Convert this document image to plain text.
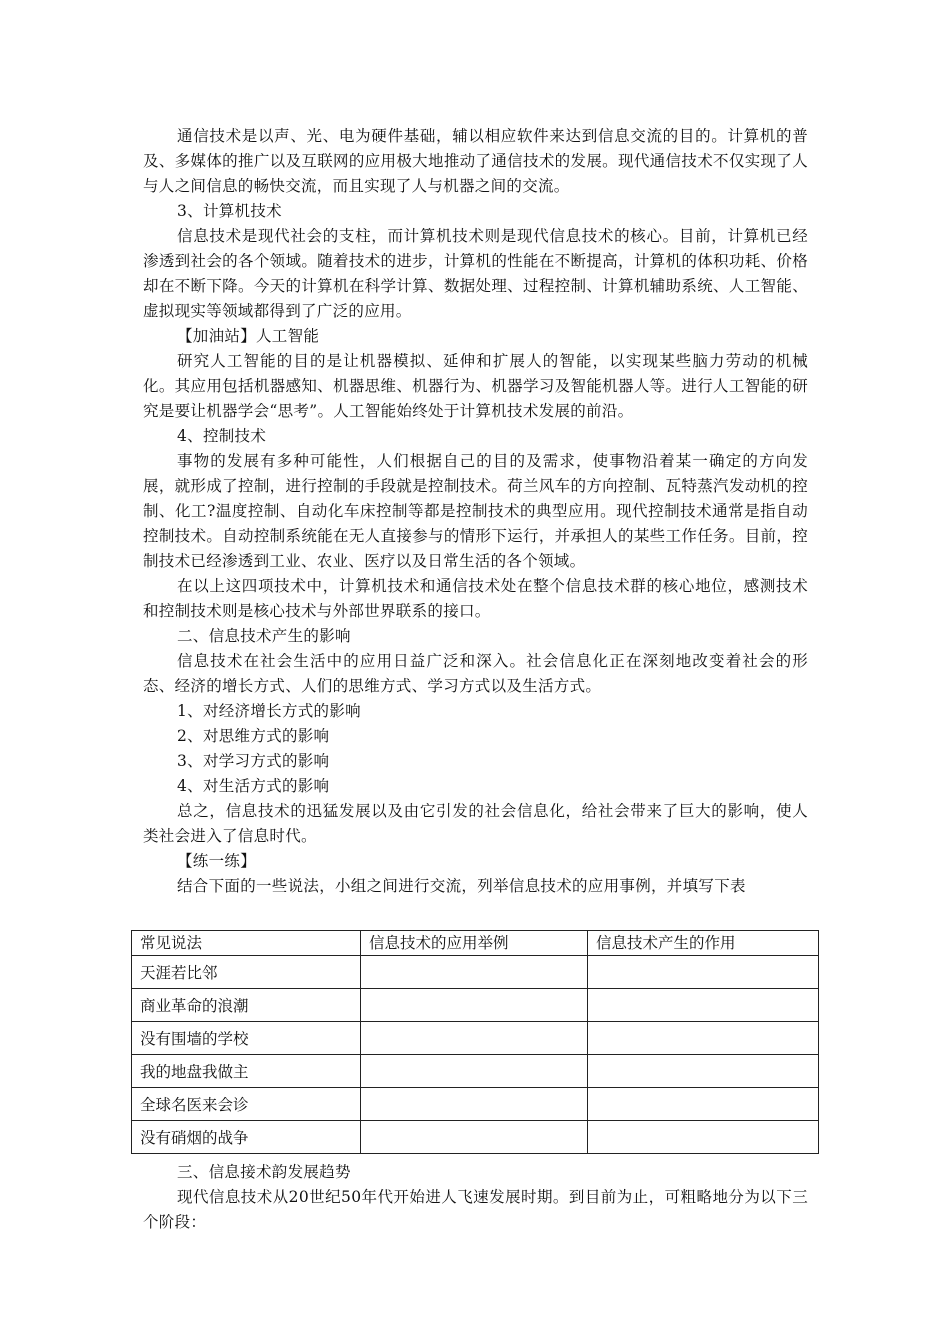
通信技术是以声、光、电为硬件基础，辅以相应软件来达到信息交流的目的。计算机的普及、多媒体的推广以及互联网的应用极大地推动了通信技术的发展。现代通信技术不仅实现了人与人之间信息的畅快交流，而且实现了人与机器之间的交流。

3、计算机技术

信息技术是现代社会的支柱，而计算机技术则是现代信息技术的核心。目前，计算机已经渗透到社会的各个领域。随着技术的进步，计算机的性能在不断提高，计算机的体积功耗、价格却在不断下降。今天的计算机在科学计算、数据处理、过程控制、计算机辅助系统、人工智能、虚拟现实等领域都得到了广泛的应用。

【加油站】人工智能

研究人工智能的目的是让机器模拟、延伸和扩展人的智能，以实现某些脑力劳动的机械化。其应用包括机器感知、机器思维、机器行为、机器学习及智能机器人等。进行人工智能的研究是要让机器学会“思考”。人工智能始终处于计算机技术发展的前沿。

4、控制技术

事物的发展有多种可能性，人们根据自己的目的及需求，使事物沿着某一确定的方向发展，就形成了控制，进行控制的手段就是控制技术。荷兰风车的方向控制、瓦特蒸汽发动机的控制、化工?温度控制、自动化车床控制等都是控制技术的典型应用。现代控制技术通常是指自动控制技术。自动控制系统能在无人直接参与的情形下运行，并承担人的某些工作任务。目前，控制技术已经渗透到工业、农业、医疗以及日常生活的各个领域。

在以上这四项技术中，计算机技术和通信技术处在整个信息技术群的核心地位，感测技术和控制技术则是核心技术与外部世界联系的接口。

二、信息技术产生的影响

信息技术在社会生活中的应用日益广泛和深入。社会信息化正在深刻地改变着社会的形态、经济的增长方式、人们的思维方式、学习方式以及生活方式。

1、对经济增长方式的影响

2、对思维方式的影响

3、对学习方式的影响

4、对生活方式的影响

总之，信息技术的迅猛发展以及由它引发的社会信息化，给社会带来了巨大的影响，使人类社会进入了信息时代。

【练一练】

结合下面的一些说法，小组之间进行交流，列举信息技术的应用事例，并填写下表

常见说法	信息技术的应用举例	信息技术产生的作用
天涯若比邻		
商业革命的浪潮		
没有围墙的学校		
我的地盘我做主		
全球名医来会诊		
没有硝烟的战争		

三、信息接术韵发展趋势

现代信息技术从20世纪50年代开始进人飞速发展时期。到目前为止，可粗略地分为以下三个阶段：
